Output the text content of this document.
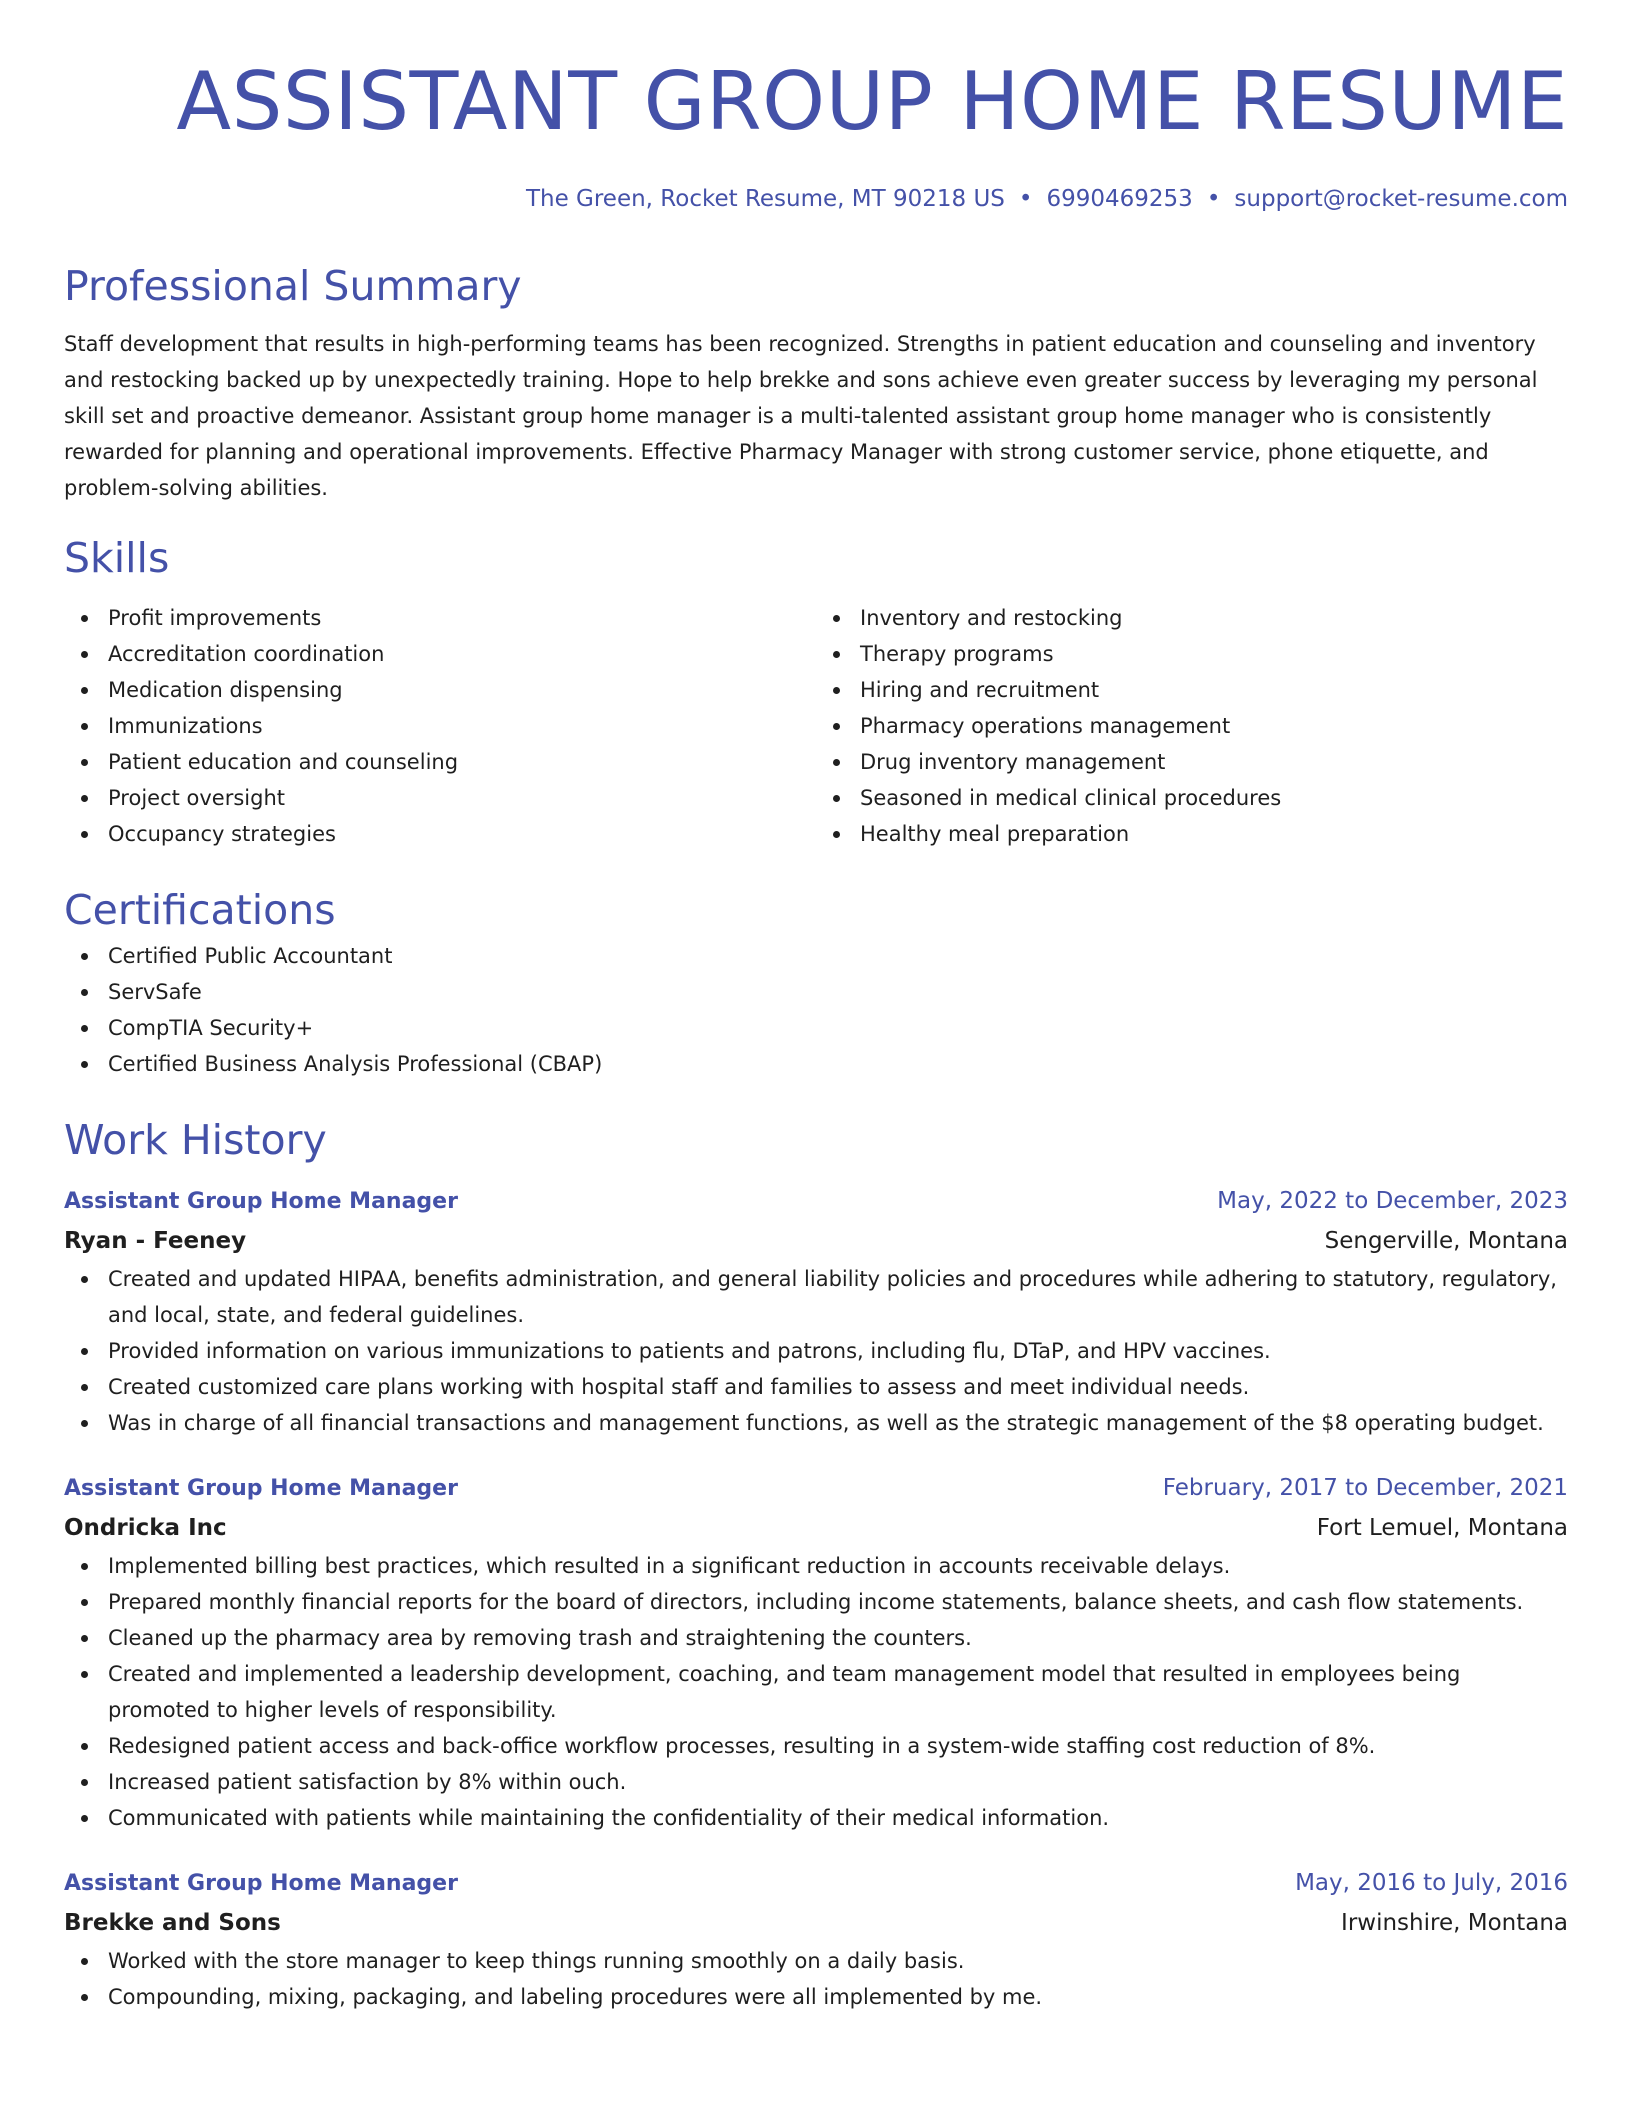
ASSISTANT GROUP HOME RESUME
The Green, Rocket Resume, MT 90218 US • 6990469253 • support@rocket-resume.com
Professional Summary
Staff development that results in high-performing teams has been recognized. Strengths in patient education and counseling and inventory and restocking backed up by unexpectedly training. Hope to help brekke and sons achieve even greater success by leveraging my personal skill set and proactive demeanor. Assistant group home manager is a multi-talented assistant group home manager who is consistently rewarded for planning and operational improvements. Effective Pharmacy Manager with strong customer service, phone etiquette, and problem-solving abilities.
Skills
Profit improvements
Accreditation coordination
Medication dispensing
Immunizations
Patient education and counseling
Project oversight
Occupancy strategies
Inventory and restocking
Therapy programs
Hiring and recruitment
Pharmacy operations management
Drug inventory management
Seasoned in medical clinical procedures
Healthy meal preparation
Certifications
Certified Public Accountant
ServSafe
CompTIA Security+
Certified Business Analysis Professional (CBAP)
Work History
Assistant Group Home Manager	May, 2022 to December, 2023
Ryan - Feeney	Sengerville, Montana
Created and updated HIPAA, benefits administration, and general liability policies and procedures while adhering to statutory, regulatory, and local, state, and federal guidelines.
Provided information on various immunizations to patients and patrons, including flu, DTaP, and HPV vaccines.
Created customized care plans working with hospital staff and families to assess and meet individual needs.
Was in charge of all financial transactions and management functions, as well as the strategic management of the $8 operating budget.
Assistant Group Home Manager	February, 2017 to December, 2021
Ondricka Inc	Fort Lemuel, Montana
Implemented billing best practices, which resulted in a significant reduction in accounts receivable delays.
Prepared monthly financial reports for the board of directors, including income statements, balance sheets, and cash flow statements.
Cleaned up the pharmacy area by removing trash and straightening the counters.
Created and implemented a leadership development, coaching, and team management model that resulted in employees being promoted to higher levels of responsibility.
Redesigned patient access and back-office workflow processes, resulting in a system-wide staffing cost reduction of 8%.
Increased patient satisfaction by 8% within ouch.
Communicated with patients while maintaining the confidentiality of their medical information.
Assistant Group Home Manager	May, 2016 to July, 2016
Brekke and Sons	Irwinshire, Montana
Worked with the store manager to keep things running smoothly on a daily basis.
Compounding, mixing, packaging, and labeling procedures were all implemented by me.
